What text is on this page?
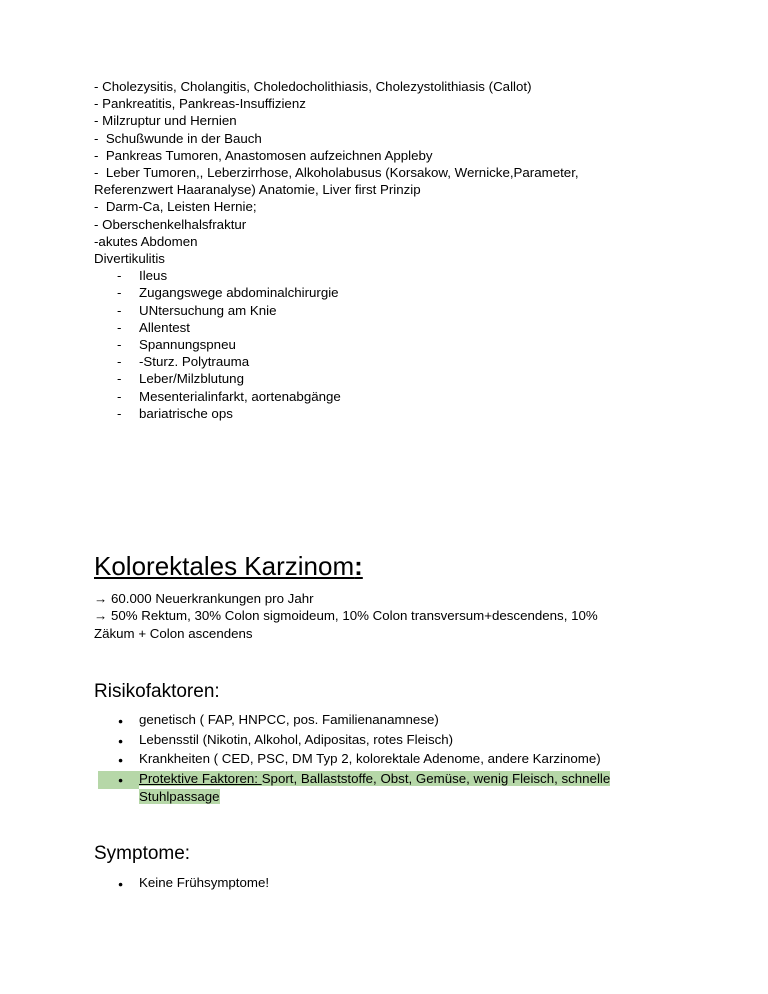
- Cholezysitis, Cholangitis, Choledocholithiasis, Cholezystolithiasis (Callot)
- Pankreatitis, Pankreas-Insuffizienz
- Milzruptur und Hernien
-  Schußwunde in der Bauch
-  Pankreas Tumoren, Anastomosen aufzeichnen Appleby
-  Leber Tumoren,, Leberzirrhose, Alkoholabusus (Korsakow, Wernicke,Parameter,
Referenzwert Haaranalyse) Anatomie, Liver first Prinzip
-  Darm-Ca, Leisten Hernie;
- Oberschenkelhalsfraktur
-akutes Abdomen
Divertikulitis
-	Ileus
-	Zugangswege abdominalchirurgie
-	UNtersuchung am Knie
-	Allentest
-	Spannungspneu
-	-Sturz. Polytrauma
-	Leber/Milzblutung
-	Mesenterialinfarkt, aortenabgänge
-	bariatrische ops
Kolorektales Karzinom:
→ 60.000 Neuerkrankungen pro Jahr
→ 50% Rektum, 30% Colon sigmoideum, 10% Colon transversum+descendens, 10%
Zäkum + Colon ascendens
Risikofaktoren:
●	genetisch ( FAP, HNPCC, pos. Familienanamnese)
●	Lebensstil (Nikotin, Alkohol, Adipositas, rotes Fleisch)
●	Krankheiten ( CED, PSC, DM Typ 2, kolorektale Adenome, andere Karzinome)
●	Protektive Faktoren: Sport, Ballaststoffe, Obst, Gemüse, wenig Fleisch, schnelle
Stuhlpassage
Symptome:
●	Keine Frühsymptome!
